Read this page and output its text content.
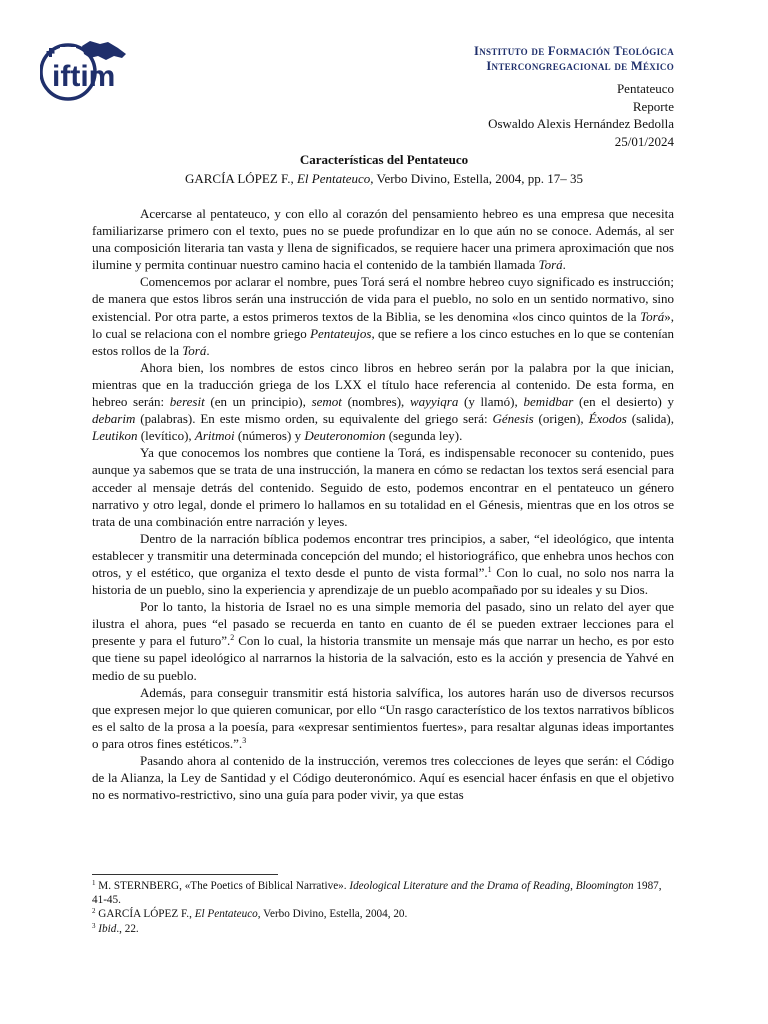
iftim
Instituto de Formación Teológica
Intercongregacional de México
Pentateuco
Reporte
Oswaldo Alexis Hernández Bedolla
25/01/2024
Características del Pentateuco
GARCÍA LÓPEZ F., El Pentateuco, Verbo Divino, Estella, 2004, pp. 17– 35

Acercarse al pentateuco, y con ello al corazón del pensamiento hebreo es una empresa que necesita familiarizarse primero con el texto, pues no se puede profundizar en lo que aún no se conoce. Además, al ser una composición literaria tan vasta y llena de significados, se requiere hacer una primera aproximación que nos ilumine y permita continuar nuestro camino hacia el contenido de la también llamada Torá.

Comencemos por aclarar el nombre, pues Torá será el nombre hebreo cuyo significado es instrucción; de manera que estos libros serán una instrucción de vida para el pueblo, no solo en un sentido normativo, sino existencial. Por otra parte, a estos primeros textos de la Biblia, se les denomina «los cinco quintos de la Torá», lo cual se relaciona con el nombre griego Pentateujos, que se refiere a los cinco estuches en lo que se contenían estos rollos de la Torá.

Ahora bien, los nombres de estos cinco libros en hebreo serán por la palabra por la que inician, mientras que en la traducción griega de los LXX el título hace referencia al contenido. De esta forma, en hebreo serán: beresit (en un principio), semot (nombres), wayyiqra (y llamó), bemidbar (en el desierto) y debarim (palabras). En este mismo orden, su equivalente del griego será: Génesis (origen), Éxodos (salida), Leutikon (levítico), Aritmoi (números) y Deuteronomion (segunda ley).

Ya que conocemos los nombres que contiene la Torá, es indispensable reconocer su contenido, pues aunque ya sabemos que se trata de una instrucción, la manera en cómo se redactan los textos será esencial para acceder al mensaje detrás del contenido. Seguido de esto, podemos encontrar en el pentateuco un género narrativo y otro legal, donde el primero lo hallamos en su totalidad en el Génesis, mientras que en los otros se trata de una combinación entre narración y leyes.

Dentro de la narración bíblica podemos encontrar tres principios, a saber, “el ideológico, que intenta establecer y transmitir una determinada concepción del mundo; el historiográfico, que enhebra unos hechos con otros, y el estético, que organiza el texto desde el punto de vista formal”.$^1$ Con lo cual, no solo nos narra la historia de un pueblo, sino la experiencia y aprendizaje de un pueblo acompañado por su ideales y su Dios.

Por lo tanto, la historia de Israel no es una simple memoria del pasado, sino un relato del ayer que ilustra el ahora, pues “el pasado se recuerda en tanto en cuanto de él se pueden extraer lecciones para el presente y para el futuro”.$^2$ Con lo cual, la historia transmite un mensaje más que narrar un hecho, es por esto que tiene su papel ideológico al narrarnos la historia de la salvación, esto es la acción y presencia de Yahvé en medio de su pueblo.

Además, para conseguir transmitir está historia salvífica, los autores harán uso de diversos recursos que expresen mejor lo que quieren comunicar, por ello “Un rasgo característico de los textos narrativos bíblicos es el salto de la prosa a la poesía, para «expresar sentimientos fuertes», para resaltar algunas ideas importantes o para otros fines estéticos.”.$^3$

Pasando ahora al contenido de la instrucción, veremos tres colecciones de leyes que serán: el Código de la Alianza, la Ley de Santidad y el Código deuteronómico. Aquí es esencial hacer énfasis en que el objetivo no es normativo-restrictivo, sino una guía para poder vivir, ya que estas

$^1$ M. STERNBERG, «The Poetics of Biblical Narrative». Ideological Literature and the Drama of Reading, Bloomington 1987, 41-45.
$^2$ GARCÍA LÓPEZ F., El Pentateuco, Verbo Divino, Estella, 2004, 20.
$^3$ Ibid., 22.
